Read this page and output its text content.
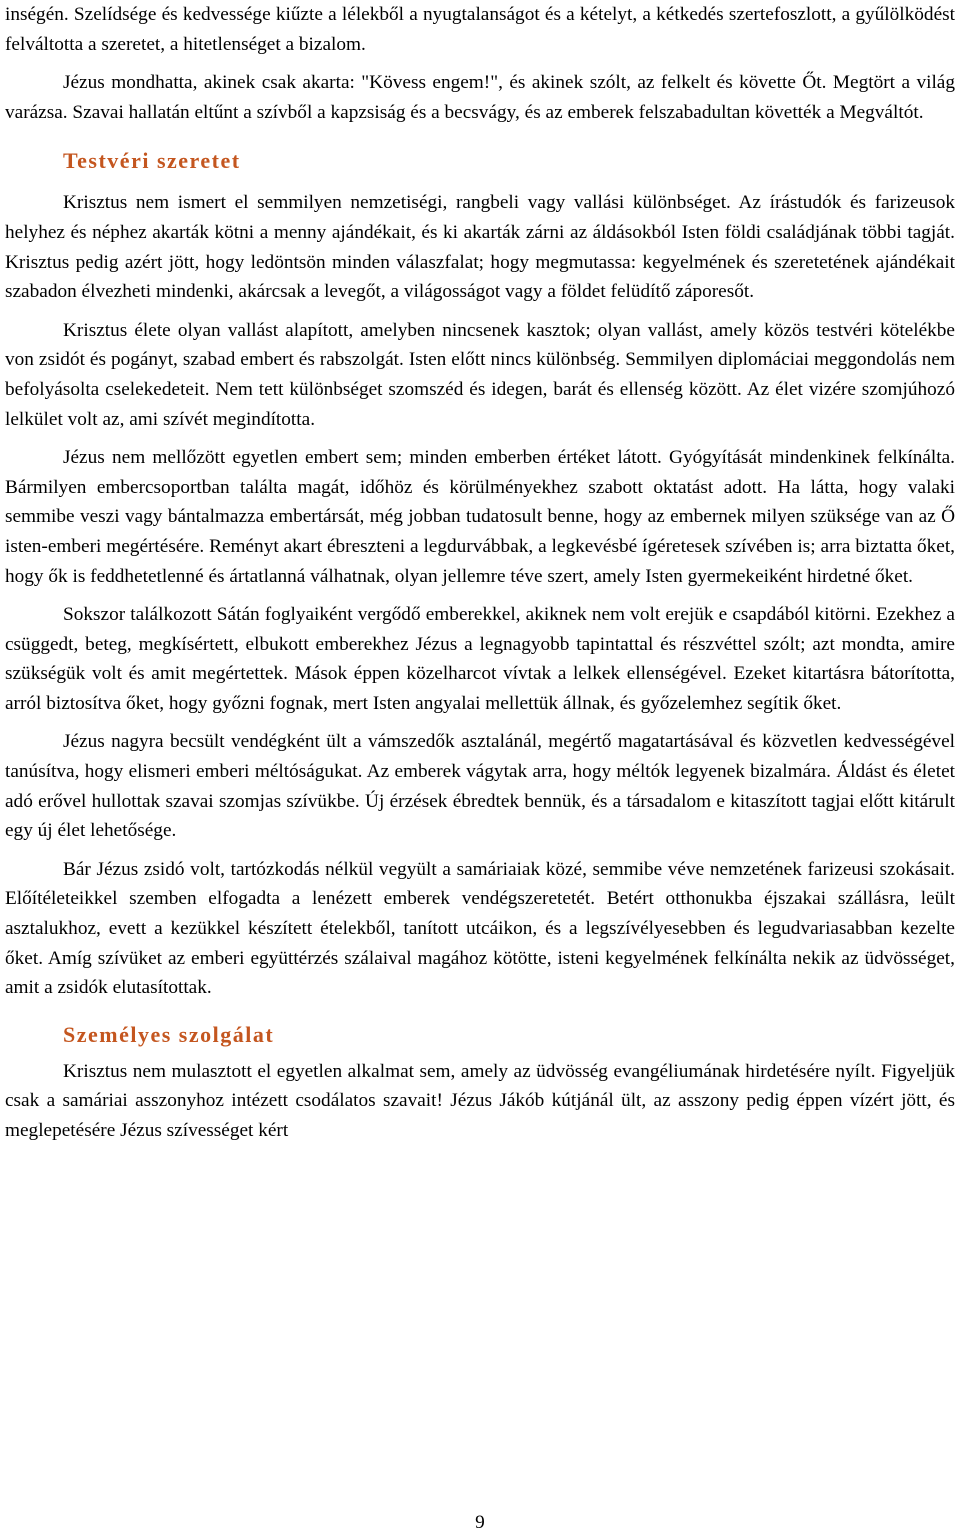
inségén. Szelídsége és kedvessége kiűzte a lélekből a nyugtalanságot és a kételyt, a kétkedés szertefoszlott, a gyűlölködést felváltotta a szeretet, a hitetlenséget a bizalom.

Jézus mondhatta, akinek csak akarta: "Kövess engem!", és akinek szólt, az felkelt és követte Őt. Megtört a világ varázsa. Szavai hallatán eltűnt a szívből a kapzsiság és a becsvágy, és az emberek felszabadultan követték a Megváltót.

Testvéri szeretet

Krisztus nem ismert el semmilyen nemzetiségi, rangbeli vagy vallási különbséget. Az írástudók és farizeusok helyhez és néphez akarták kötni a menny ajándékait, és ki akarták zárni az áldásokból Isten földi családjának többi tagját. Krisztus pedig azért jött, hogy ledöntsön minden válaszfalat; hogy megmutassa: kegyelmének és szeretetének ajándékait szabadon élvezheti mindenki, akárcsak a levegőt, a világosságot vagy a földet felüdítő záporesőt.

Krisztus élete olyan vallást alapított, amelyben nincsenek kasztok; olyan vallást, amely közös testvéri kötelékbe von zsidót és pogányt, szabad embert és rabszolgát. Isten előtt nincs különbség. Semmilyen diplomáciai meggondolás nem befolyásolta cselekedeteit. Nem tett különbséget szomszéd és idegen, barát és ellenség között. Az élet vizére szomjúhozó lelkület volt az, ami szívét megindította.

Jézus nem mellőzött egyetlen embert sem; minden emberben értéket látott. Gyógyítását mindenkinek felkínálta. Bármilyen embercsoportban találta magát, időhöz és körülményekhez szabott oktatást adott. Ha látta, hogy valaki semmibe veszi vagy bántalmazza embertársát, még jobban tudatosult benne, hogy az embernek milyen szüksége van az Ő isten-emberi megértésére. Reményt akart ébreszteni a legdurvábbak, a legkevésbé ígéretesek szívében is; arra biztatta őket, hogy ők is feddhetetlenné és ártatlanná válhatnak, olyan jellemre téve szert, amely Isten gyermekeiként hirdetné őket.

Sokszor találkozott Sátán foglyaiként vergődő emberekkel, akiknek nem volt erejük e csapdából kitörni. Ezekhez a csüggedt, beteg, megkísértett, elbukott emberekhez Jézus a legnagyobb tapintattal és részvéttel szólt; azt mondta, amire szükségük volt és amit megértettek. Mások éppen közelharcot vívtak a lelkek ellenségével. Ezeket kitartásra bátorította, arról biztosítva őket, hogy győzni fognak, mert Isten angyalai mellettük állnak, és győzelemhez segítik őket.

Jézus nagyra becsült vendégként ült a vámszedők asztalánál, megértő magatartásával és közvetlen kedvességével tanúsítva, hogy elismeri emberi méltóságukat. Az emberek vágytak arra, hogy méltók legyenek bizalmára. Áldást és életet adó erővel hullottak szavai szomjas szívükbe. Új érzések ébredtek bennük, és a társadalom e kitaszított tagjai előtt kitárult egy új élet lehetősége.

Bár Jézus zsidó volt, tartózkodás nélkül vegyült a samáriaiak közé, semmibe véve nemzetének farizeusi szokásait. Előítéleteikkel szemben elfogadta a lenézett emberek vendégszeretetét. Betért otthonukba éjszakai szállásra, leült asztalukhoz, evett a kezükkel készített ételekből, tanított utcáikon, és a legszívélyesebben és legudvariasabban kezelte őket. Amíg szívüket az emberi együttérzés szálaival magához kötötte, isteni kegyelmének felkínálta nekik az üdvösséget, amit a zsidók elutasítottak.

Személyes szolgálat

Krisztus nem mulasztott el egyetlen alkalmat sem, amely az üdvösség evangéliumának hirdetésére nyílt. Figyeljük csak a samáriai asszonyhoz intézett csodálatos szavait! Jézus Jákób kútjánál ült, az asszony pedig éppen vízért jött, és meglepetésére Jézus szívességet kért

9
